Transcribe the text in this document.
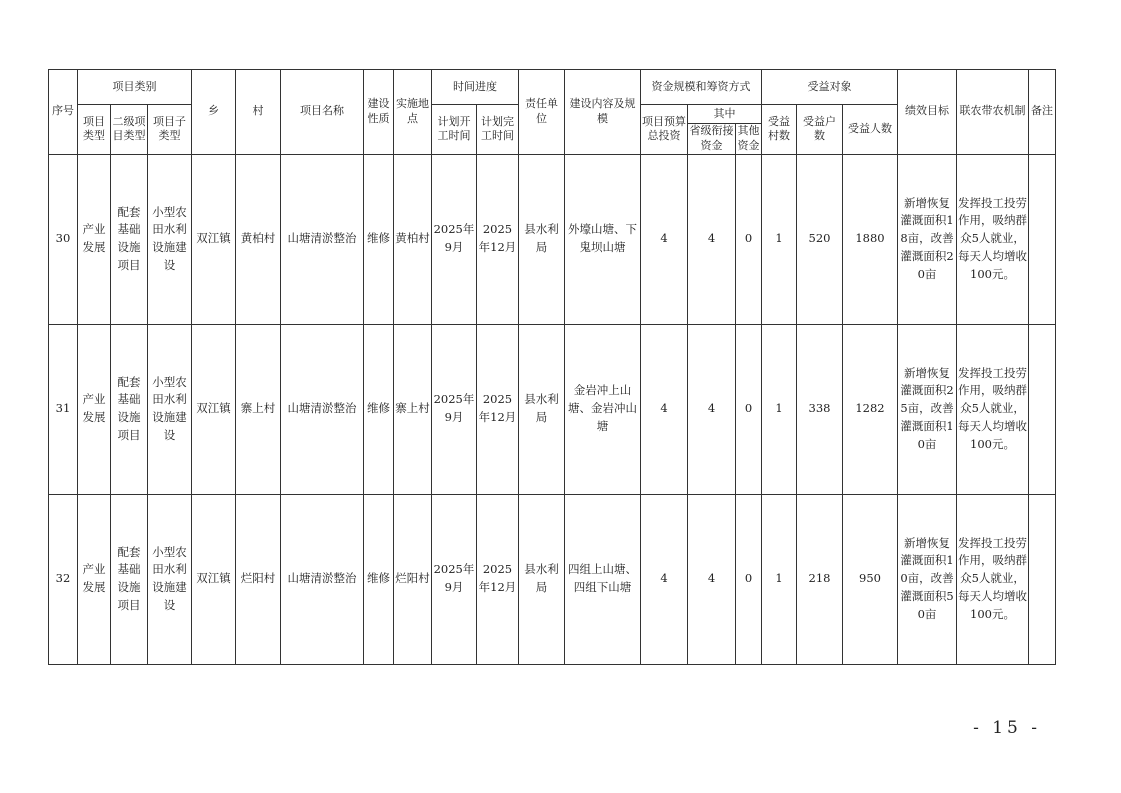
序号	项目类别			乡	村	项目名称	建设性质	实施地点	时间进度		责任单位	建设内容及规模	资金规模和筹资方式			受益对象			绩效目标	联农带农机制	备注
	项目类型	二级项目类型	项目子类型						计划开工时间	计划完工时间			项目预算总投资	其中		受益村数	受益户数	受益人数			
														省级衔接资金	其他资金						
30	产业发展	配套基础设施项目	小型农田水利设施建设	双江镇	黄柏村	山塘清淤整治	维修	黄柏村	2025年9月	2025年12月	县水利局	外壕山塘、下鬼坝山塘	4	4	0	1	520	1880	新增恢复灌溉面积18亩，改善灌溉面积20亩	发挥投工投劳作用，吸纳群众5人就业，每天人均增收100元。	
31	产业发展	配套基础设施项目	小型农田水利设施建设	双江镇	寨上村	山塘清淤整治	维修	寨上村	2025年9月	2025年12月	县水利局	金岩冲上山塘、金岩冲山塘	4	4	0	1	338	1282	新增恢复灌溉面积25亩，改善灌溉面积10亩	发挥投工投劳作用，吸纳群众5人就业，每天人均增收100元。	
32	产业发展	配套基础设施项目	小型农田水利设施建设	双江镇	烂阳村	山塘清淤整治	维修	烂阳村	2025年9月	2025年12月	县水利局	四组上山塘、四组下山塘	4	4	0	1	218	950	新增恢复灌溉面积10亩，改善灌溉面积50亩	发挥投工投劳作用，吸纳群众5人就业，每天人均增收100元。	
- 15 -
